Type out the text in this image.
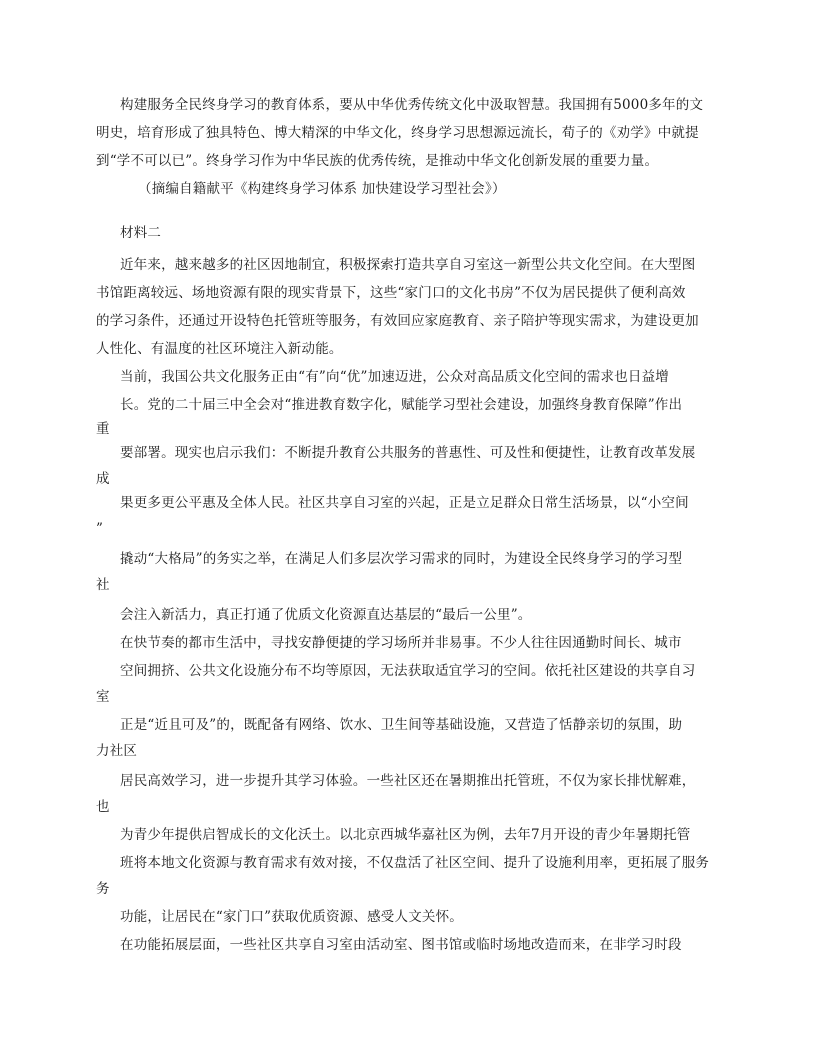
构建服务全民终身学习的教育体系，要从中华优秀传统文化中汲取智慧。我国拥有5000多年的文
明史，培育形成了独具特色、博大精深的中华文化，终身学习思想源远流长，荀子的《劝学》中就提
到“学不可以已”。终身学习作为中华民族的优秀传统，是推动中华文化创新发展的重要力量。
（摘编自籍献平《构建终身学习体系 加快建设学习型社会》）
材料二
近年来，越来越多的社区因地制宜，积极探索打造共享自习室这一新型公共文化空间。在大型图
书馆距离较远、场地资源有限的现实背景下，这些“家门口的文化书房”不仅为居民提供了便利高效
的学习条件，还通过开设特色托管班等服务，有效回应家庭教育、亲子陪护等现实需求，为建设更加
人性化、有温度的社区环境注入新动能。
当前，我国公共文化服务正由“有”向“优”加速迈进，公众对高品质文化空间的需求也日益增
长。党的二十届三中全会对“推进教育数字化，赋能学习型社会建设，加强终身教育保障”作出
重
要部署。现实也启示我们：不断提升教育公共服务的普惠性、可及性和便捷性，让教育改革发展
成
果更多更公平惠及全体人民。社区共享自习室的兴起，正是立足群众日常生活场景，以“小空间
”
撬动“大格局”的务实之举，在满足人们多层次学习需求的同时，为建设全民终身学习的学习型
社
会注入新活力，真正打通了优质文化资源直达基层的“最后一公里”。
在快节奏的都市生活中，寻找安静便捷的学习场所并非易事。不少人往往因通勤时间长、城市
空间拥挤、公共文化设施分布不均等原因，无法获取适宜学习的空间。依托社区建设的共享自习
室
正是“近且可及”的，既配备有网络、饮水、卫生间等基础设施，又营造了恬静亲切的氛围，助
力社区
居民高效学习，进一步提升其学习体验。一些社区还在暑期推出托管班，不仅为家长排忧解难，
也
为青少年提供启智成长的文化沃土。以北京西城华嘉社区为例，去年7月开设的青少年暑期托管
班将本地文化资源与教育需求有效对接，不仅盘活了社区空间、提升了设施利用率，更拓展了服务
务
功能，让居民在“家门口”获取优质资源、感受人文关怀。
在功能拓展层面，一些社区共享自习室由活动室、图书馆或临时场地改造而来，在非学习时段
